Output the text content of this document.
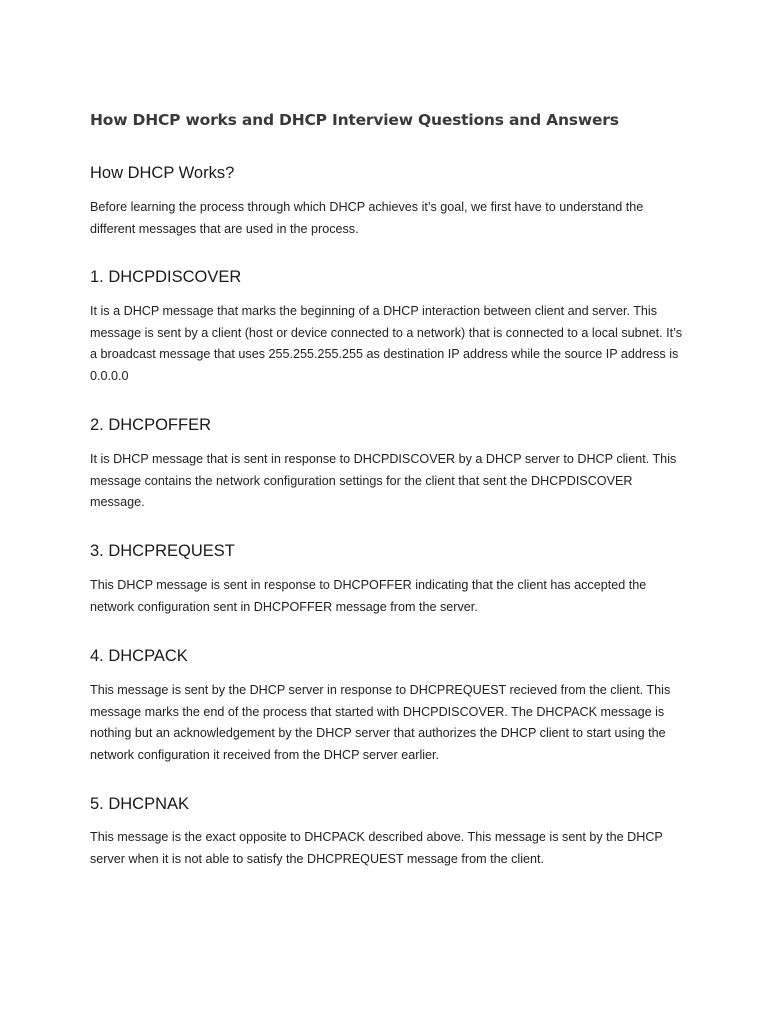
How DHCP works and DHCP Interview Questions and Answers
How DHCP Works?

Before learning the process through which DHCP achieves it’s goal, we first have to understand the different messages that are used in the process.

1. DHCPDISCOVER

It is a DHCP message that marks the beginning of a DHCP interaction between client and server. This message is sent by a client (host or device connected to a network) that is connected to a local subnet. It’s a broadcast message that uses 255.255.255.255 as destination IP address while the source IP address is 0.0.0.0

2. DHCPOFFER

It is DHCP message that is sent in response to DHCPDISCOVER by a DHCP server to DHCP client. This message contains the network configuration settings for the client that sent the DHCPDISCOVER message.

3. DHCPREQUEST

This DHCP message is sent in response to DHCPOFFER indicating that the client has accepted the network configuration sent in DHCPOFFER message from the server.

4. DHCPACK

This message is sent by the DHCP server in response to DHCPREQUEST recieved from the client. This message marks the end of the process that started with DHCPDISCOVER. The DHCPACK message is nothing but an acknowledgement by the DHCP server that authorizes the DHCP client to start using the network configuration it received from the DHCP server earlier.

5. DHCPNAK

This message is the exact opposite to DHCPACK described above. This message is sent by the DHCP server when it is not able to satisfy the DHCPREQUEST message from the client.
